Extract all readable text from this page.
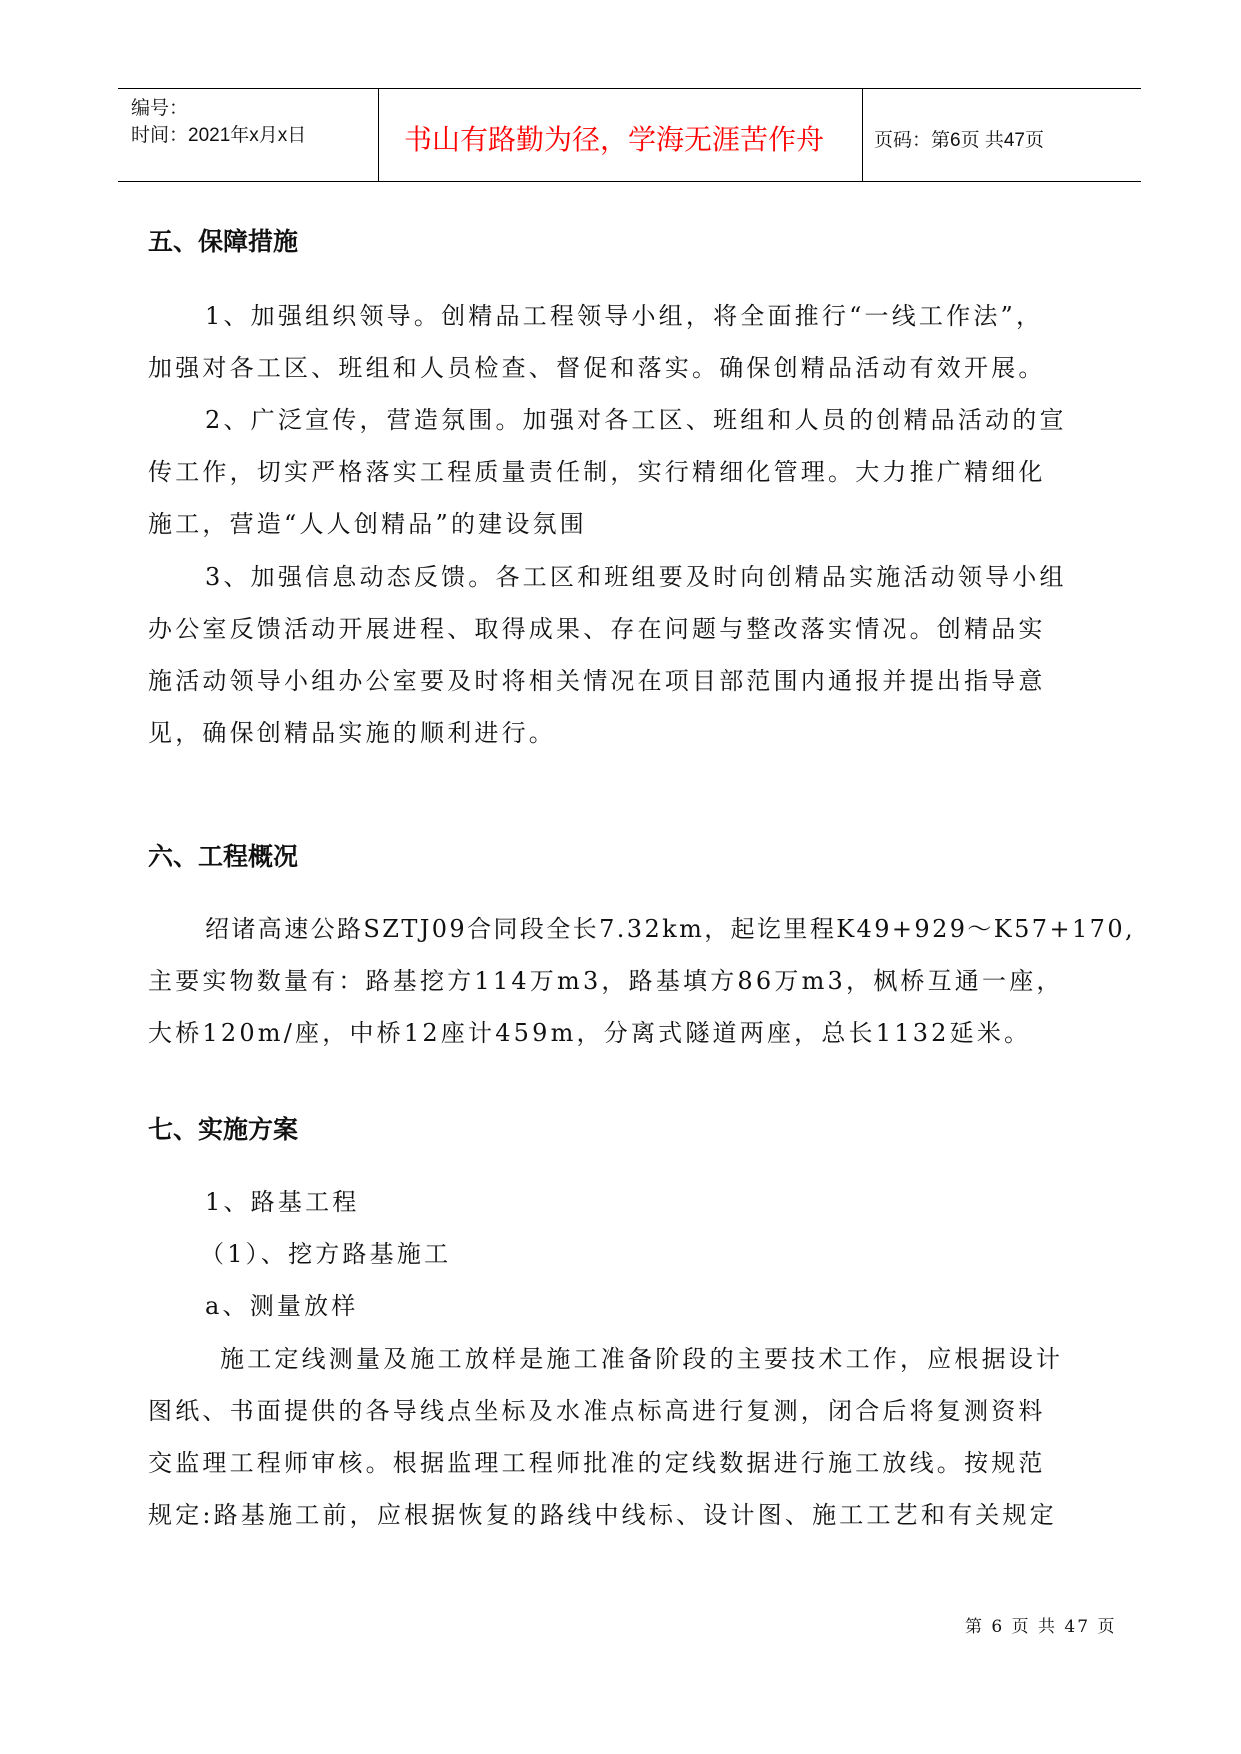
编号：
时间：2021年x月x日	书山有路勤为径，学海无涯苦作舟	页码：第6页 共47页
五、保障措施
1、加强组织领导。创精品工程领导小组，将全面推行“一线工作法”，
加强对各工区、班组和人员检查、督促和落实。确保创精品活动有效开展。
2、广泛宣传，营造氛围。加强对各工区、班组和人员的创精品活动的宣
传工作，切实严格落实工程质量责任制，实行精细化管理。大力推广精细化
施工，营造“人人创精品”的建设氛围
3、加强信息动态反馈。各工区和班组要及时向创精品实施活动领导小组
办公室反馈活动开展进程、取得成果、存在问题与整改落实情况。创精品实
施活动领导小组办公室要及时将相关情况在项目部范围内通报并提出指导意
见，确保创精品实施的顺利进行。
六、工程概况
绍诸高速公路SZTJ09合同段全长7.32km，起讫里程K49+929～K57+170,
主要实物数量有：路基挖方114万m3，路基填方86万m3，枫桥互通一座，
大桥120m/座，中桥12座计459m，分离式隧道两座，总长1132延米。
七、实施方案
1、路基工程
（1）、挖方路基施工
a、测量放样
施工定线测量及施工放样是施工准备阶段的主要技术工作，应根据设计
图纸、书面提供的各导线点坐标及水准点标高进行复测，闭合后将复测资料
交监理工程师审核。根据监理工程师批准的定线数据进行施工放线。按规范
规定:路基施工前，应根据恢复的路线中线标、设计图、施工工艺和有关规定
第 6 页 共 47 页
